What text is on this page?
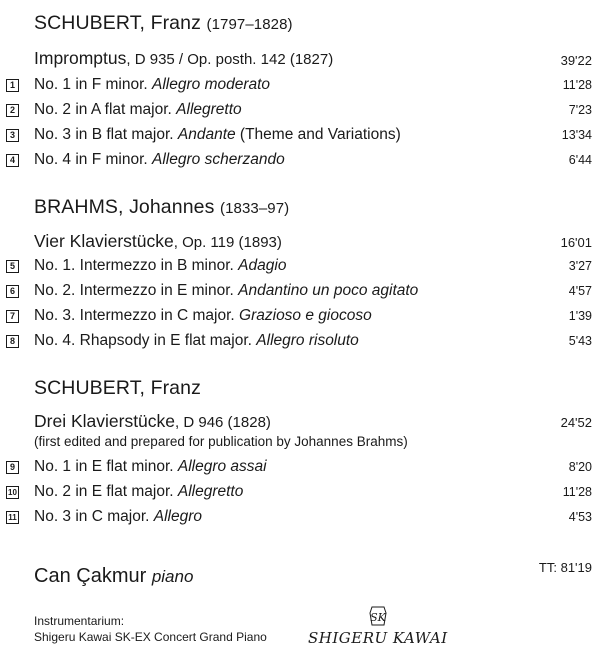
SCHUBERT, Franz (1797–1828)
Impromptus, D 935 / Op. posth. 142 (1827)	39'22
1 No. 1 in F minor. Allegro moderato	11'28
2 No. 2 in A flat major. Allegretto	7'23
3 No. 3 in B flat major. Andante (Theme and Variations)	13'34
4 No. 4 in F minor. Allegro scherzando	6'44
BRAHMS, Johannes (1833–97)
Vier Klavierstücke, Op. 119 (1893)	16'01
5 No. 1. Intermezzo in B minor. Adagio	3'27
6 No. 2. Intermezzo in E minor. Andantino un poco agitato	4'57
7 No. 3. Intermezzo in C major. Grazioso e giocoso	1'39
8 No. 4. Rhapsody in E flat major. Allegro risoluto	5'43
SCHUBERT, Franz
Drei Klavierstücke, D 946 (1828)	24'52
(first edited and prepared for publication by Johannes Brahms)
9 No. 1 in E flat minor. Allegro assai	8'20
10 No. 2 in E flat major. Allegretto	11'28
11 No. 3 in C major. Allegro	4'53
Can Çakmur piano	TT: 81'19
Instrumentarium:
Shigeru Kawai SK-EX Concert Grand Piano
SK
SHIGERU KAWAI
